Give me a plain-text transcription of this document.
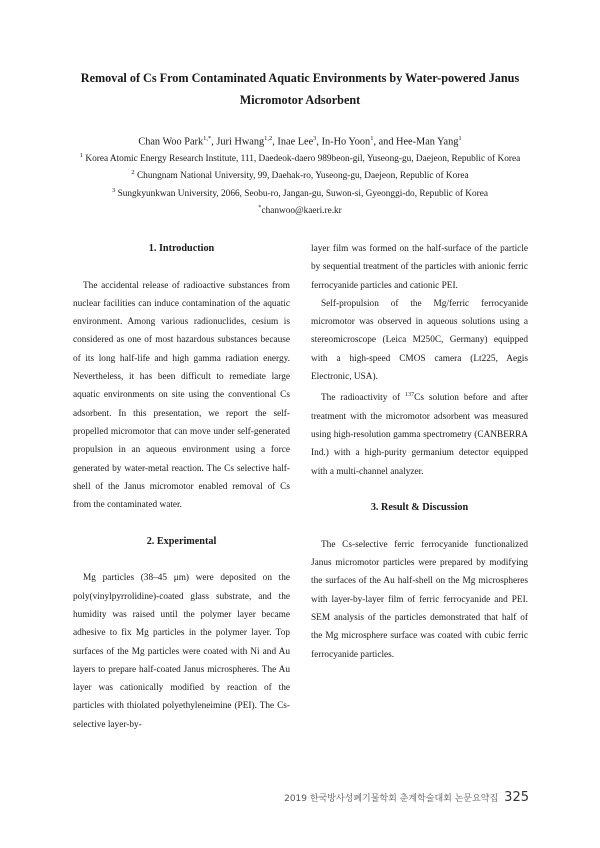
Removal of Cs From Contaminated Aquatic Environments by Water-powered Janus
Micromotor Adsorbent
Chan Woo Park$^{1,*}$, Juri Hwang$^{1,2}$, Inae Lee$^3$, In-Ho Yoon$^1$, and Hee-Man Yang$^1$
$^1$ Korea Atomic Energy Research Institute, 111, Daedeok-daero 989beon-gil, Yuseong-gu, Daejeon, Republic of Korea
$^2$ Chungnam National University, 99, Daehak-ro, Yuseong-gu, Daejeon, Republic of Korea
$^3$ Sungkyunkwan University, 2066, Seobu-ro, Jangan-gu, Suwon-si, Gyeonggi-do, Republic of Korea
*chanwoo@kaeri.re.kr
1. Introduction

The accidental release of radioactive substances from nuclear facilities can induce contamination of the aquatic environment. Among various radionuclides, cesium is considered as one of most hazardous substances because of its long half-life and high gamma radiation energy. Nevertheless, it has been difficult to remediate large aquatic environments on site using the conventional Cs adsorbent. In this presentation, we report the self-propelled micromotor that can move under self-generated propulsion in an aqueous environment using a force generated by water-metal reaction. The Cs selective half-shell of the Janus micromotor enabled removal of Cs from the contaminated water.

2. Experimental

Mg particles (38–45 μm) were deposited on the poly(vinylpyrrolidine)-coated glass substrate, and the humidity was raised until the polymer layer became adhesive to fix Mg particles in the polymer layer. Top surfaces of the Mg particles were coated with Ni and Au layers to prepare half-coated Janus microspheres. The Au layer was cationically modified by reaction of the particles with thiolated polyethyleneimine (PEI). The Cs-selective layer-by-

layer film was formed on the half-surface of the particle by sequential treatment of the particles with anionic ferric ferrocyanide particles and cationic PEI.

Self-propulsion of the Mg/ferric ferrocyanide micromotor was observed in aqueous solutions using a stereomicroscope (Leica M250C, Germany) equipped with a high-speed CMOS camera (Lt225, Aegis Electronic, USA).

The radioactivity of $^{137}$Cs solution before and after treatment with the micromotor adsorbent was measured using high-resolution gamma spectrometry (CANBERRA Ind.) with a high-purity germanium detector equipped with a multi-channel analyzer.

3. Result & Discussion

The Cs-selective ferric ferrocyanide functionalized Janus micromotor particles were prepared by modifying the surfaces of the Au half-shell on the Mg microspheres with layer-by-layer film of ferric ferrocyanide and PEI. SEM analysis of the particles demonstrated that half of the Mg microsphere surface was coated with cubic ferric ferrocyanide particles.

2019 한국방사성폐기물학회 춘계학술대회 논문요약집 325
